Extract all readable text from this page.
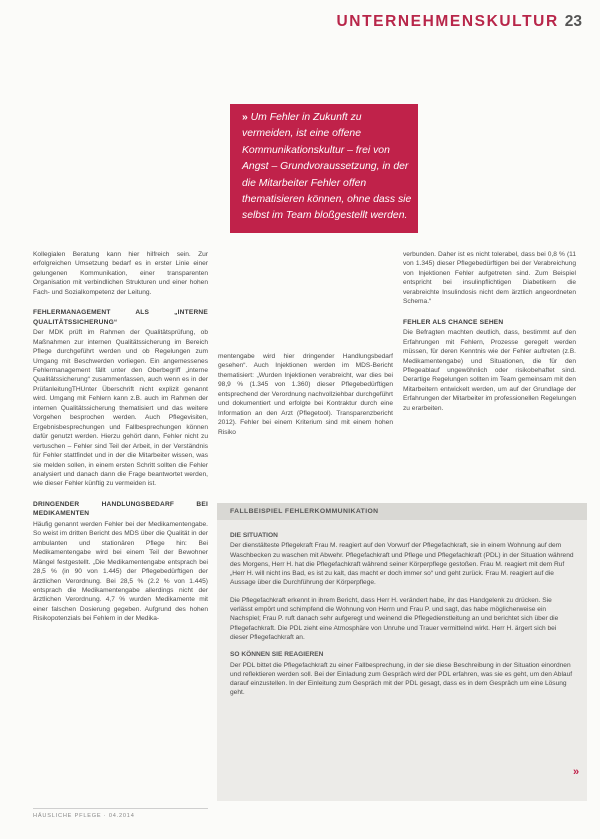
UNTERNEHMENSKULTUR 23
» Um Fehler in Zukunft zu vermeiden, ist eine offene Kommunikationskultur – frei von Angst – Grundvoraussetzung, in der die Mitarbeiter Fehler offen thematisieren können, ohne dass sie selbst im Team bloßgestellt werden.

Kollegialen Beratung kann hier hilfreich sein. Zur erfolgreichen Umsetzung bedarf es in erster Linie einer gelungenen Kommunikation, einer transparenten Organisation mit verbindlichen Strukturen und einer hohen Fach- und Sozialkompetenz der Leitung.

FEHLERMANAGEMENT ALS „INTERNE QUALITÄTSSICHERUNG“

Der MDK prüft im Rahmen der Qualitätsprüfung, ob Maßnahmen zur internen Qualitätssicherung im Bereich Pflege durchgeführt werden und ob Regelungen zum Umgang mit Beschwerden vorliegen. Ein angemessenes Fehlermanagement fällt unter den Oberbegriff „interne Qualitätssicherung“ zusammenfassen, auch wenn es in der PrüfanleitungTHUnter Überschrift nicht explizit genannt wird. Umgang mit Fehlern kann z.B. auch im Rahmen der internen Qualitätssicherung thematisiert und das weitere Vorgehen besprochen werden. Auch Pflegevisiten, Ergebnisbesprechungen und Fallbesprechungen können dafür genutzt werden. Hierzu gehört dann, Fehler nicht zu vertuschen – Fehler sind Teil der Arbeit, in der Verständnis für Fehler stattfindet und in der die Mitarbeiter wissen, was sie melden sollen, in einem ersten Schritt sollten die Fehler analysiert und danach dann die Frage beantwortet werden, wie dieser Fehler künftig zu vermeiden ist.

DRINGENDER HANDLUNGSBEDARF BEI MEDIKAMENTEN

Häufig genannt werden Fehler bei der Medikamentengabe. So weist im dritten Bericht des MDS über die Qualität in der ambulanten und stationären Pflege hin: Bei Medikamentengabe wird bei einem Teil der Bewohner Mängel festgestellt. „Die Medikamentengabe entsprach bei 28,5 % (in 90 von 1.445) der Pflegebedürftigen der ärztlichen Verordnung. Bei 28,5 % (2.2 % von 1.445) entsprach die Medikamentengabe allerdings nicht der ärztlichen Verordnung. 4,7 % wurden Medikamente mit einer falschen Dosierung gegeben. Aufgrund des hohen Risikopotenzials bei Fehlern in der Medika-

mentengabe wird hier dringender Handlungsbedarf gesehen“. Auch Injektionen werden im MDS-Bericht thematisiert: „Wurden Injektionen verabreicht, war dies bei 98,9 % (1.345 von 1.360) dieser Pflegebedürftigen entsprechend der Verordnung nachvollziehbar durchgeführt und dokumentiert und erfolgte bei Kontraktur durch eine Information an den Arzt (Pflegetool). Transparenzbericht 2012). Fehler bei einem Kriterium sind mit einem hohen Risiko

verbunden. Daher ist es nicht tolerabel, dass bei 0,8 % (11 von 1.345) dieser Pflegebedürftigen bei der Verabreichung von Injektionen Fehler aufgetreten sind. Zum Beispiel entspricht bei insulinpflichtigen Diabetikern die verabreichte Insulindosis nicht dem ärztlich angeordneten Schema.“

FEHLER ALS CHANCE SEHEN

Die Befragten machten deutlich, dass, bestimmt auf den Erfahrungen mit Fehlern, Prozesse geregelt werden müssen, für deren Kenntnis wie der Fehler auftreten (z.B. Medikamentengabe) und Situationen, die für den Pflegeablauf ungewöhnlich oder risikobehaftet sind. Derartige Regelungen sollten im Team gemeinsam mit den Mitarbeitern entwickelt werden, um auf der Grundlage der Erfahrungen der Mitarbeiter im professionellen Regelungen zu erarbeiten.

FALLBEISPIEL FEHLERKOMMUNIKATION

DIE SITUATION

Der dienstälteste Pflegekraft Frau M. reagiert auf den Vorwurf der Pflegefachkraft, sie in einem Wohnung auf dem Waschbecken zu waschen mit Abwehr. Pflegefachkraft und Pflege und Pflegefachkraft (PDL) in der Situation während des Morgens, Herr H. hat die Pflegefachkraft während seiner Körperpflege gestoßen. Frau M. reagiert mit dem Ruf „Herr H. will nicht ins Bad, es ist zu kalt, das macht er doch immer so“ und geht zurück. Frau M. reagiert auf die Aussage über die Durchführung der Körperpflege.

Die Pflegefachkraft erkennt in ihrem Bericht, dass Herr H. verändert habe, ihr das Handgelenk zu drücken. Sie verlässt empört und schimpfend die Wohnung von Herrn und Frau P. und sagt, das habe möglicherweise ein Nachspiel; Frau P. ruft danach sehr aufgeregt und weinend die Pflegedienstleitung an und berichtet sich über die Pflegefachkraft. Die PDL zieht eine Atmosphäre von Unruhe und Trauer vermittelnd wirkt. Herr H. ärgert sich bei dieser Pflegefachkraft an.

SO KÖNNEN SIE REAGIEREN

Der PDL bittet die Pflegefachkraft zu einer Fallbesprechung, in der sie diese Beschreibung in der Situation einordnen und reflektieren werden soll. Bei der Einladung zum Gespräch wird der PDL erfahren, was sie es geht, um den Ablauf darauf einzustellen. In der Einleitung zum Gespräch mit der PDL gesagt, dass es in dem Gespräch um eine Lösung geht.

»
HÄUSLICHE PFLEGE · 04.2014
